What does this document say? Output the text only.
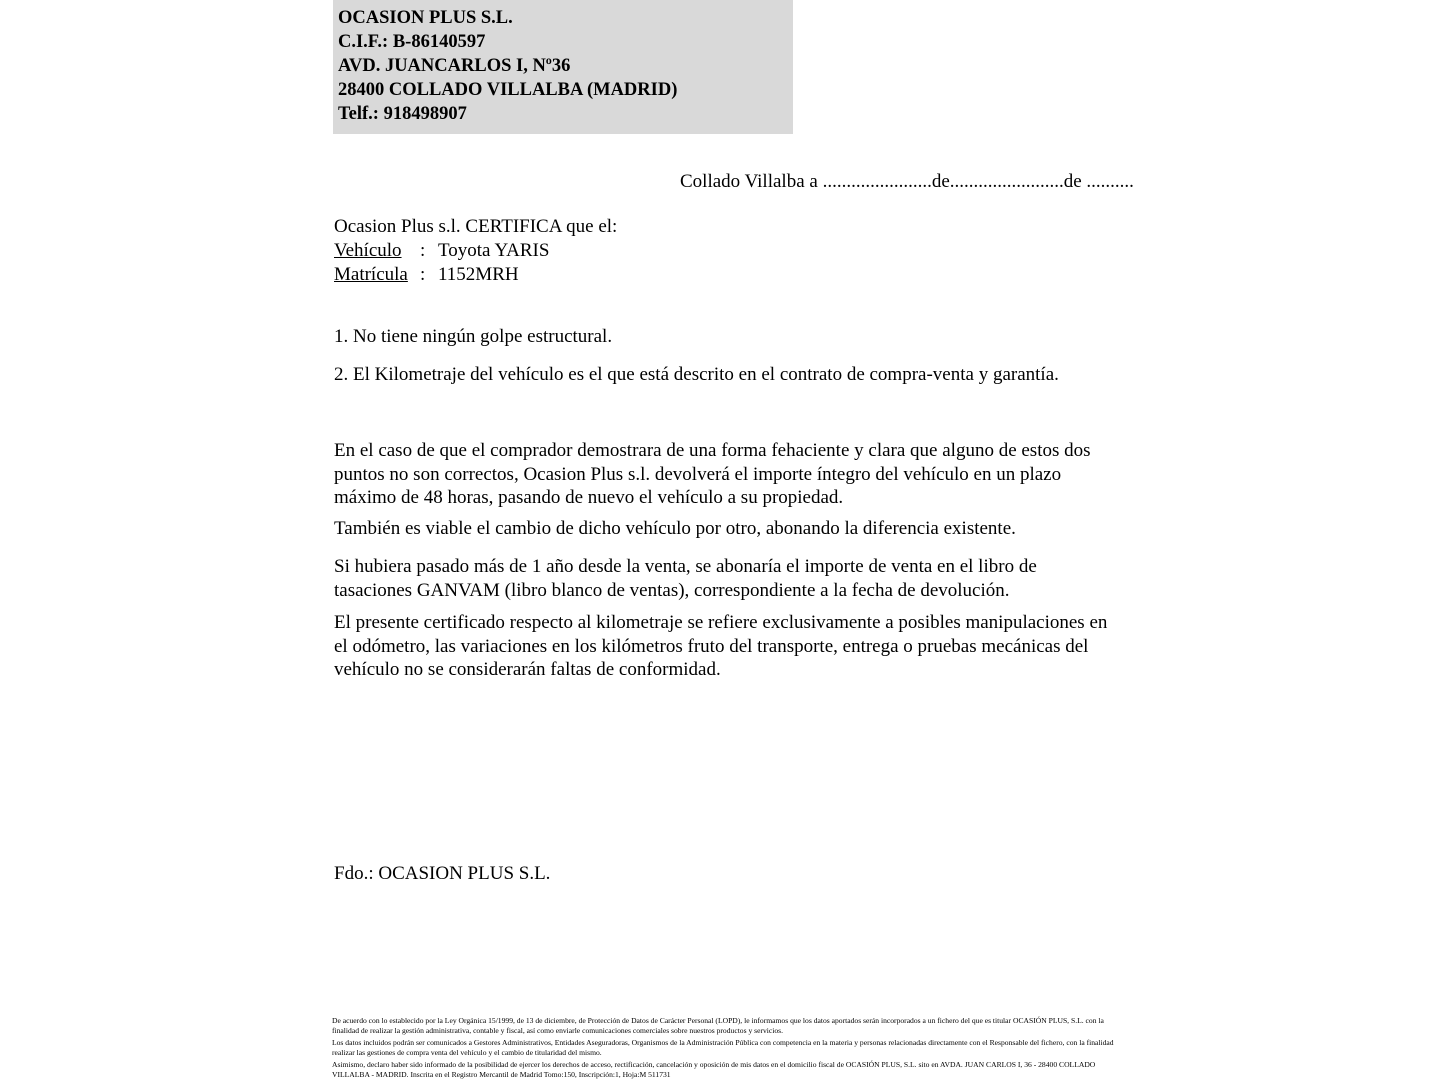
OCASION PLUS S.L.
C.I.F.: B-86140597
AVD. JUANCARLOS I, Nº36
28400 COLLADO VILLALBA (MADRID)
Telf.: 918498907
Collado Villalba a .......................de........................de ..........
Ocasion Plus s.l. CERTIFICA que el:
Vehículo : Toyota YARIS
Matrícula : 1152MRH
1. No tiene ningún golpe estructural.
2. El Kilometraje del vehículo es el que está descrito en el contrato de compra-venta y garantía.
En el caso de que el comprador demostrara de una forma fehaciente y clara que alguno de estos dos puntos no son correctos, Ocasion Plus s.l. devolverá el importe íntegro del vehículo en un plazo máximo de 48 horas, pasando de nuevo el vehículo a su propiedad.
También es viable el cambio de dicho vehículo por otro, abonando la diferencia existente.
Si hubiera pasado más de 1 año desde la venta, se abonaría el importe de venta en el libro de tasaciones GANVAM (libro blanco de ventas), correspondiente a la fecha de devolución.
El presente certificado respecto al kilometraje se refiere exclusivamente a posibles manipulaciones en el odómetro, las variaciones en los kilómetros fruto del transporte, entrega o pruebas mecánicas del vehículo no se considerarán faltas de conformidad.
Fdo.: OCASION PLUS S.L.

De acuerdo con lo establecido por la Ley Orgánica 15/1999, de 13 de diciembre, de Protección de Datos de Carácter Personal (LOPD), le informamos que los datos aportados serán incorporados a un fichero del que es titular OCASIÓN PLUS, S.L. con la finalidad de realizar la gestión administrativa, contable y fiscal, así como enviarle comunicaciones comerciales sobre nuestros productos y servicios.

Los datos incluidos podrán ser comunicados a Gestores Administrativos, Entidades Aseguradoras, Organismos de la Administración Pública con competencia en la materia y personas relacionadas directamente con el Responsable del fichero, con la finalidad realizar las gestiones de compra venta del vehículo y el cambio de titularidad del mismo.

Asimismo, declaro haber sido informado de la posibilidad de ejercer los derechos de acceso, rectificación, cancelación y oposición de mis datos en el domicilio fiscal de OCASIÓN PLUS, S.L. sito en AVDA. JUAN CARLOS I, 36 - 28400 COLLADO VILLALBA - MADRID. Inscrita en el Registro Mercantil de Madrid Tomo:150, Inscripción:1, Hoja:M 511731
